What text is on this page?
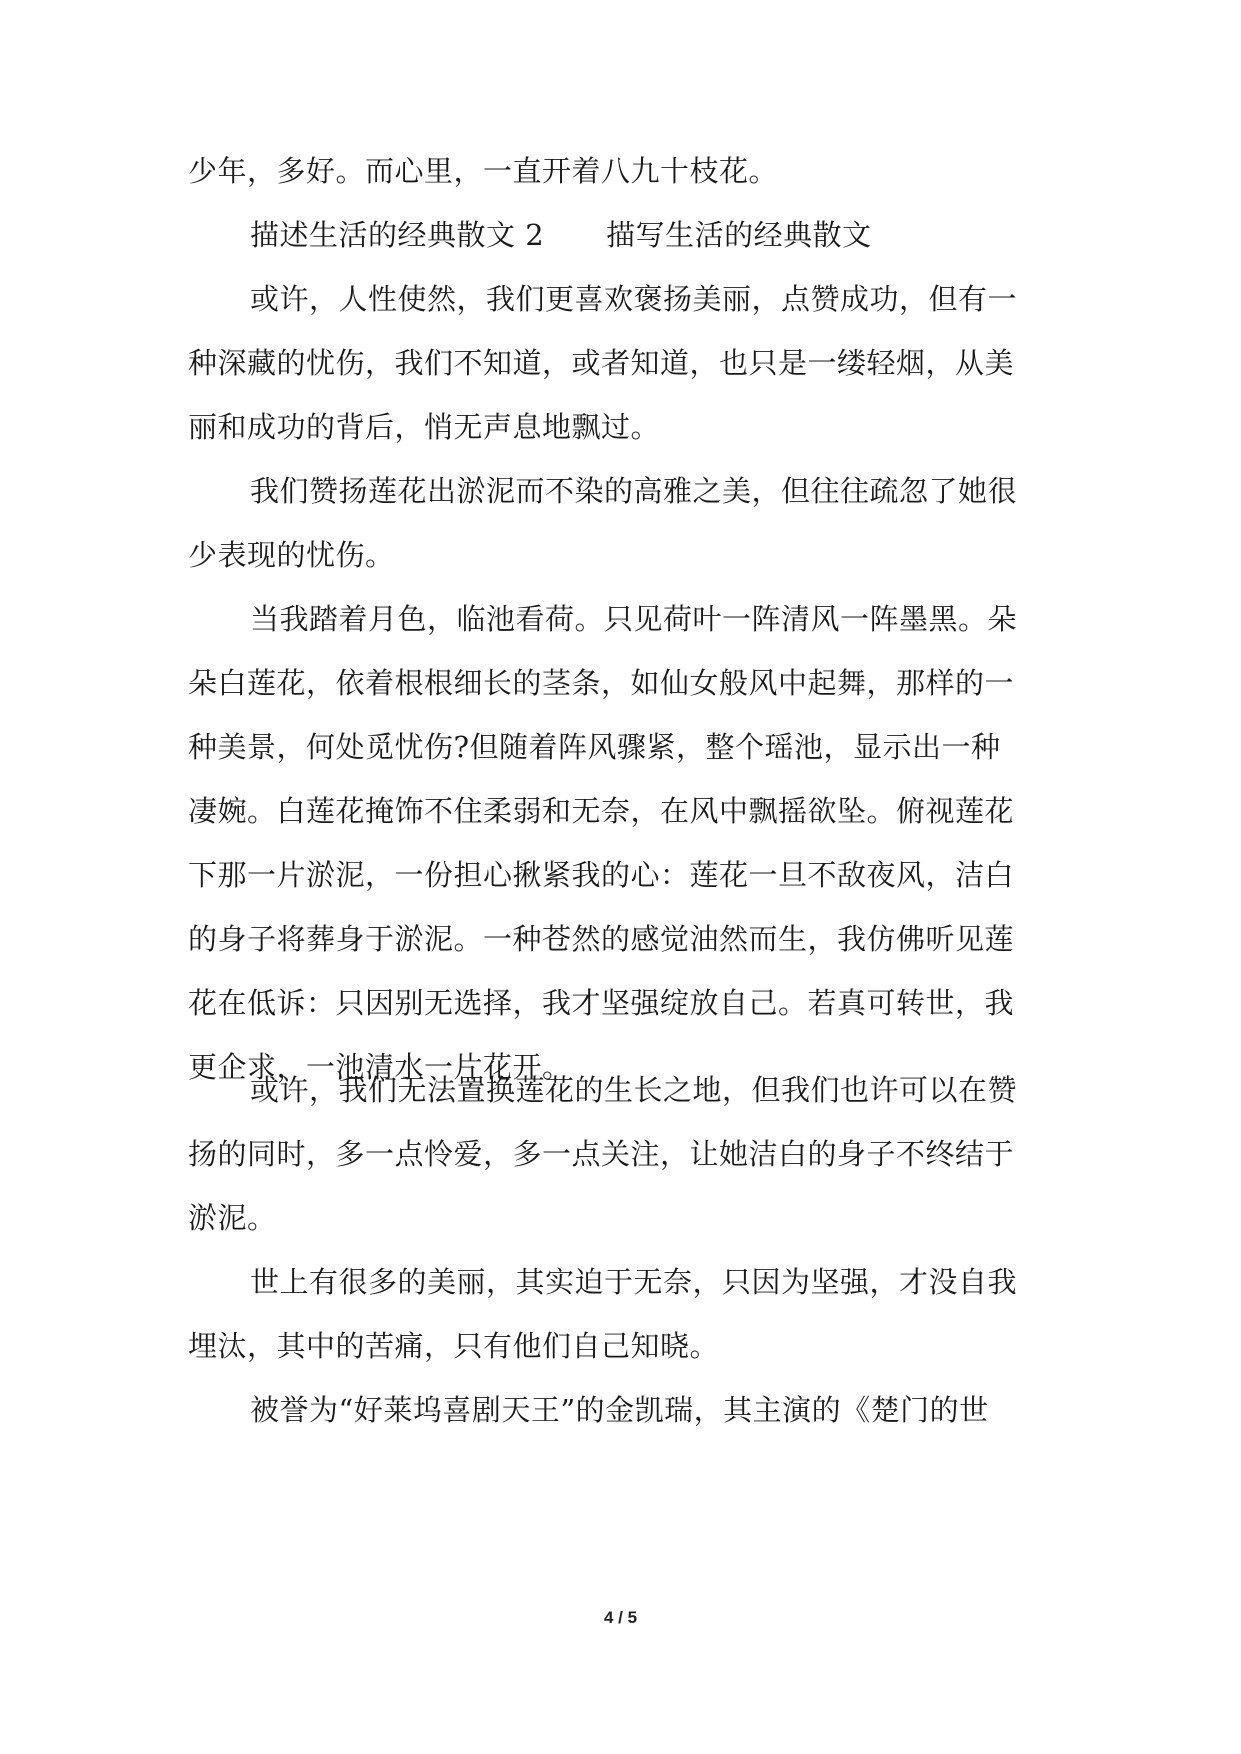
少年，多好。而心里，一直开着八九十枝花。
描述生活的经典散文 2 描写生活的经典散文
或许，人性使然，我们更喜欢褒扬美丽，点赞成功，但有一
种深藏的忧伤，我们不知道，或者知道，也只是一缕轻烟，从美
丽和成功的背后，悄无声息地飘过。
我们赞扬莲花出淤泥而不染的高雅之美，但往往疏忽了她很
少表现的忧伤。
当我踏着月色，临池看荷。只见荷叶一阵清风一阵墨黑。朵
朵白莲花，依着根根细长的茎条，如仙女般风中起舞，那样的一
种美景，何处觅忧伤?但随着阵风骤紧，整个瑶池，显示出一种
凄婉。白莲花掩饰不住柔弱和无奈，在风中飘摇欲坠。俯视莲花
下那一片淤泥，一份担心揪紧我的心：莲花一旦不敌夜风，洁白
的身子将葬身于淤泥。一种苍然的感觉油然而生，我仿佛听见莲
花在低诉：只因别无选择，我才坚强绽放自己。若真可转世，我
更企求，一池清水一片花开。
或许，我们无法置换莲花的生长之地，但我们也许可以在赞
扬的同时，多一点怜爱，多一点关注，让她洁白的身子不终结于
淤泥。
世上有很多的美丽，其实迫于无奈，只因为坚强，才没自我
埋汰，其中的苦痛，只有他们自己知晓。
被誉为“好莱坞喜剧天王”的金凯瑞，其主演的《楚门的世
4 / 5
